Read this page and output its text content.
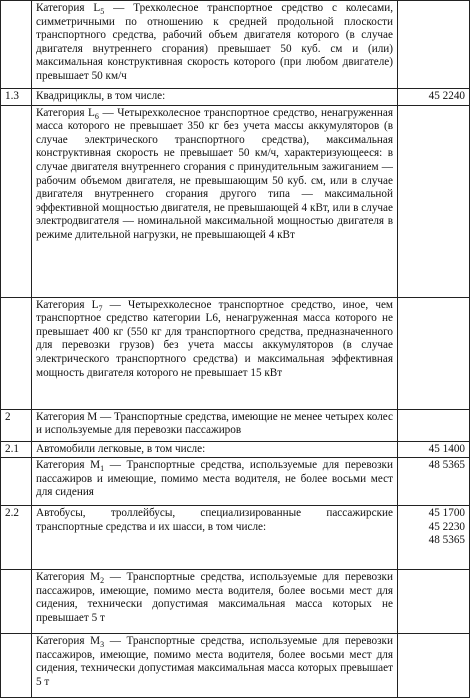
	Категория $L_5$ — Трехколесное транспортное средство с колесами, симметричными по отношению к средней продольной плоскости транспортного средства, рабочий объем двигателя которого (в случае двигателя внутреннего сгорания) превышает 50 куб. см и (или) максимальная конструктивная скорость которого (при любом двигателе) превышает 50 км/ч	
1.3	Квадрициклы, в том числе:	45 2240

	Категория $L_6$ — Четырехколесное транспортное средство, ненагруженная масса которого не превышает 350 кг без учета массы аккумуляторов (в случае электрического транспортного средства), максимальная конструктивная скорость не превышает 50 км/ч, характеризующееся: в случае двигателя внутреннего сгорания с принудительным зажиганием — рабочим объемом двигателя, не превышающим 50 куб. см, или в случае двигателя внутреннего сгорания другого типа — максимальной эффективной мощностью двигателя, не превышающей 4 кВт, или в случае электродвигателя — номинальной максимальной мощностью двигателя в режиме длительной нагрузки, не превышающей 4 кВт	
	Категория $L_7$ — Четырехколесное транспортное средство, иное, чем транспортное средство категории L6, ненагруженная масса которого не превышает 400 кг (550 кг для транспортного средства, предназначенного для перевозки грузов) без учета массы аккумуляторов (в случае электрического транспортного средства) и максимальная эффективная мощность двигателя которого не превышает 15 кВт	
2	Категория М — Транспортные средства, имеющие не менее четырех колес и используемые для перевозки пассажиров	
2.1	Автомобили легковые, в том числе:	45 1400

	Категория $M_1$ — Транспортные средства, используемые для перевозки пассажиров и имеющие, помимо места водителя, не более восьми мест для сидения	48 5365

2.2	Автобусы, троллейбусы, специализированные пассажирские транспортные средства и их шасси, в том числе:	45 1700
45 2230
48 5365

	Категория $M_2$ — Транспортные средства, используемые для перевозки пассажиров, имеющие, помимо места водителя, более восьми мест для сидения, технически допустимая максимальная масса которых не превышает 5 т	
	Категория $M_3$ — Транспортные средства, используемые для перевозки пассажиров, имеющие, помимо места водителя, более восьми мест для сидения, технически допустимая максимальная масса которых превышает 5 т	
